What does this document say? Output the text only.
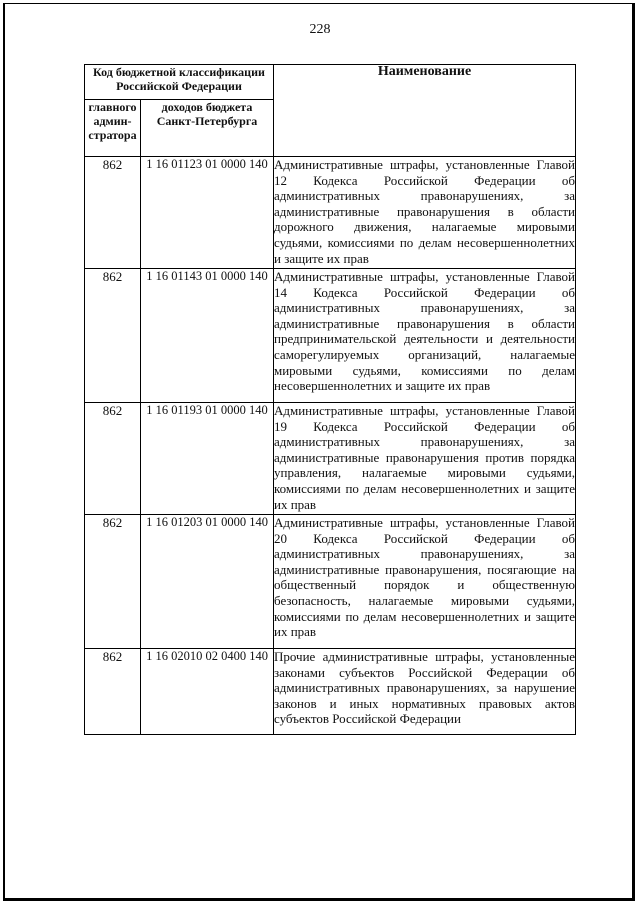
228
Код бюджетной классификации Российской Федерации		Наименование
главного админ-стратора	доходов бюджета Санкт-Петербурга	
862	1 16 01123 01 0000 140	Административные штрафы, установленные Главой 12 Кодекса Российской Федерации об административных правонарушениях, за административные правонарушения в области дорожного движения, налагаемые мировыми судьями, комиссиями по делам несовершеннолетних и защите их прав

862	1 16 01143 01 0000 140	Административные штрафы, установленные Главой 14 Кодекса Российской Федерации об административных правонарушениях, за административные правонарушения в области предпринимательской деятельности и деятельности саморегулируемых организаций, налагаемые мировыми судьями, комиссиями по делам несовершеннолетних и защите их прав

862	1 16 01193 01 0000 140	Административные штрафы, установленные Главой 19 Кодекса Российской Федерации об административных правонарушениях, за административные правонарушения против порядка управления, налагаемые мировыми судьями, комиссиями по делам несовершеннолетних и защите их прав

862	1 16 01203 01 0000 140	Административные штрафы, установленные Главой 20 Кодекса Российской Федерации об административных правонарушениях, за административные правонарушения, посягающие на общественный порядок и общественную безопасность, налагаемые мировыми судьями, комиссиями по делам несовершеннолетних и защите их прав

862	1 16 02010 02 0400 140	Прочие административные штрафы, установленные законами субъектов Российской Федерации об административных правонарушениях, за нарушение законов и иных нормативных правовых актов субъектов Российской Федерации
